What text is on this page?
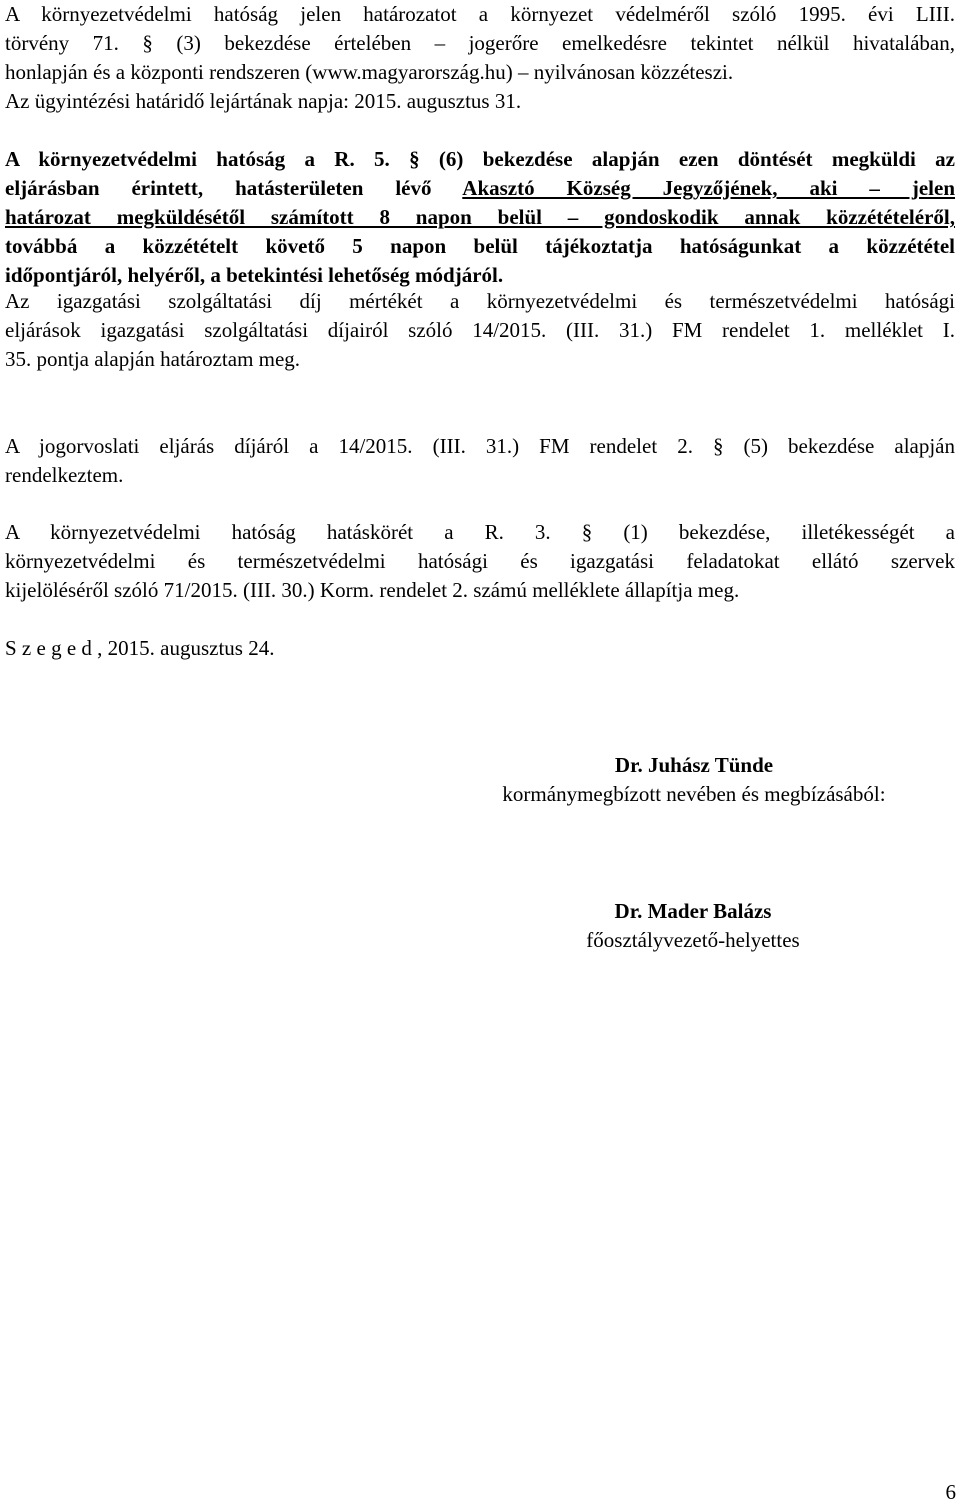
A környezetvédelmi hatóság jelen határozatot a környezet védelméről szóló 1995. évi LIII.
törvény 71. § (3) bekezdése értelében – jogerőre emelkedésre tekintet nélkül hivatalában,
honlapján és a központi rendszeren (www.magyarország.hu) – nyilvánosan közzéteszi.
Az ügyintézési határidő lejártának napja: 2015. augusztus 31.
A környezetvédelmi hatóság a R. 5. § (6) bekezdése alapján ezen döntését megküldi az
eljárásban érintett, hatásterületen lévő Akasztó Község Jegyzőjének, aki – jelen
határozat megküldésétől számított 8 napon belül – gondoskodik annak közzétételéről,
továbbá a közzétételt követő 5 napon belül tájékoztatja hatóságunkat a közzététel
időpontjáról, helyéről, a betekintési lehetőség módjáról.
Az igazgatási szolgáltatási díj mértékét a környezetvédelmi és természetvédelmi hatósági
eljárások igazgatási szolgáltatási díjairól szóló 14/2015. (III. 31.) FM rendelet 1. melléklet I.
35. pontja alapján határoztam meg.
A jogorvoslati eljárás díjáról a 14/2015. (III. 31.) FM rendelet 2. § (5) bekezdése alapján
rendelkeztem.
A környezetvédelmi hatóság hatáskörét a R. 3. § (1) bekezdése, illetékességét a
környezetvédelmi és természetvédelmi hatósági és igazgatási feladatokat ellátó szervek
kijelöléséről szóló 71/2015. (III. 30.) Korm. rendelet 2. számú melléklete állapítja meg.
S z e g e d , 2015. augusztus 24.
Dr. Juhász Tünde
kormánymegbízott nevében és megbízásából:
Dr. Mader Balázs
főosztályvezető-helyettes
6
